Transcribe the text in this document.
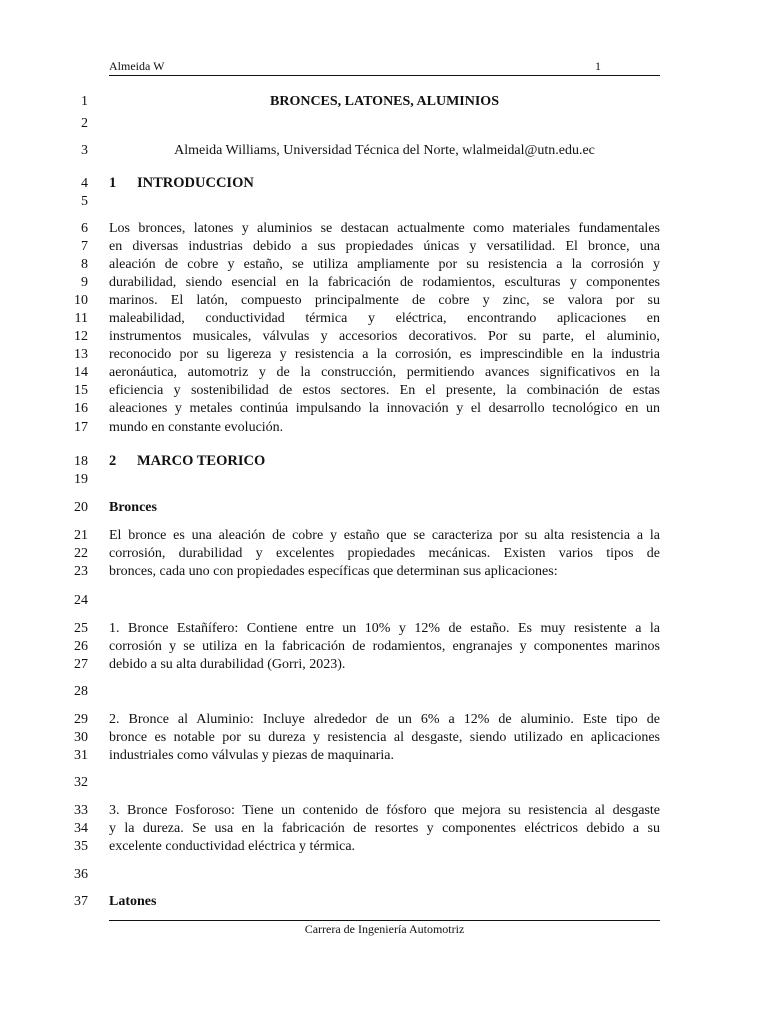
Almeida W	1
1
2
3
4
5
6
7
8
9
10
11
12
13
14
15
16
17
18
19
20
21
22
23
24
25
26
27
28
29
30
31
32
33
34
35
36
37
BRONCES, LATONES, ALUMINIOS
Almeida Williams, Universidad Técnica del Norte, wlalmeidal@utn.edu.ec
1 INTRODUCCION
Los bronces, latones y aluminios se destacan actualmente como materiales fundamentales
en diversas industrias debido a sus propiedades únicas y versatilidad. El bronce, una
aleación de cobre y estaño, se utiliza ampliamente por su resistencia a la corrosión y
durabilidad, siendo esencial en la fabricación de rodamientos, esculturas y componentes
marinos. El latón, compuesto principalmente de cobre y zinc, se valora por su
maleabilidad, conductividad térmica y eléctrica, encontrando aplicaciones en
instrumentos musicales, válvulas y accesorios decorativos. Por su parte, el aluminio,
reconocido por su ligereza y resistencia a la corrosión, es imprescindible en la industria
aeronáutica, automotriz y de la construcción, permitiendo avances significativos en la
eficiencia y sostenibilidad de estos sectores. En el presente, la combinación de estas
aleaciones y metales continúa impulsando la innovación y el desarrollo tecnológico en un
mundo en constante evolución.
2 MARCO TEORICO
Bronces
El bronce es una aleación de cobre y estaño que se caracteriza por su alta resistencia a la
corrosión, durabilidad y excelentes propiedades mecánicas. Existen varios tipos de
bronces, cada uno con propiedades específicas que determinan sus aplicaciones:
1. Bronce Estañífero: Contiene entre un 10% y 12% de estaño. Es muy resistente a la
corrosión y se utiliza en la fabricación de rodamientos, engranajes y componentes marinos
debido a su alta durabilidad (Gorri, 2023).
2. Bronce al Aluminio: Incluye alrededor de un 6% a 12% de aluminio. Este tipo de
bronce es notable por su dureza y resistencia al desgaste, siendo utilizado en aplicaciones
industriales como válvulas y piezas de maquinaria.
3. Bronce Fosforoso: Tiene un contenido de fósforo que mejora su resistencia al desgaste
y la dureza. Se usa en la fabricación de resortes y componentes eléctricos debido a su
excelente conductividad eléctrica y térmica.
Latones
Carrera de Ingeniería Automotriz
